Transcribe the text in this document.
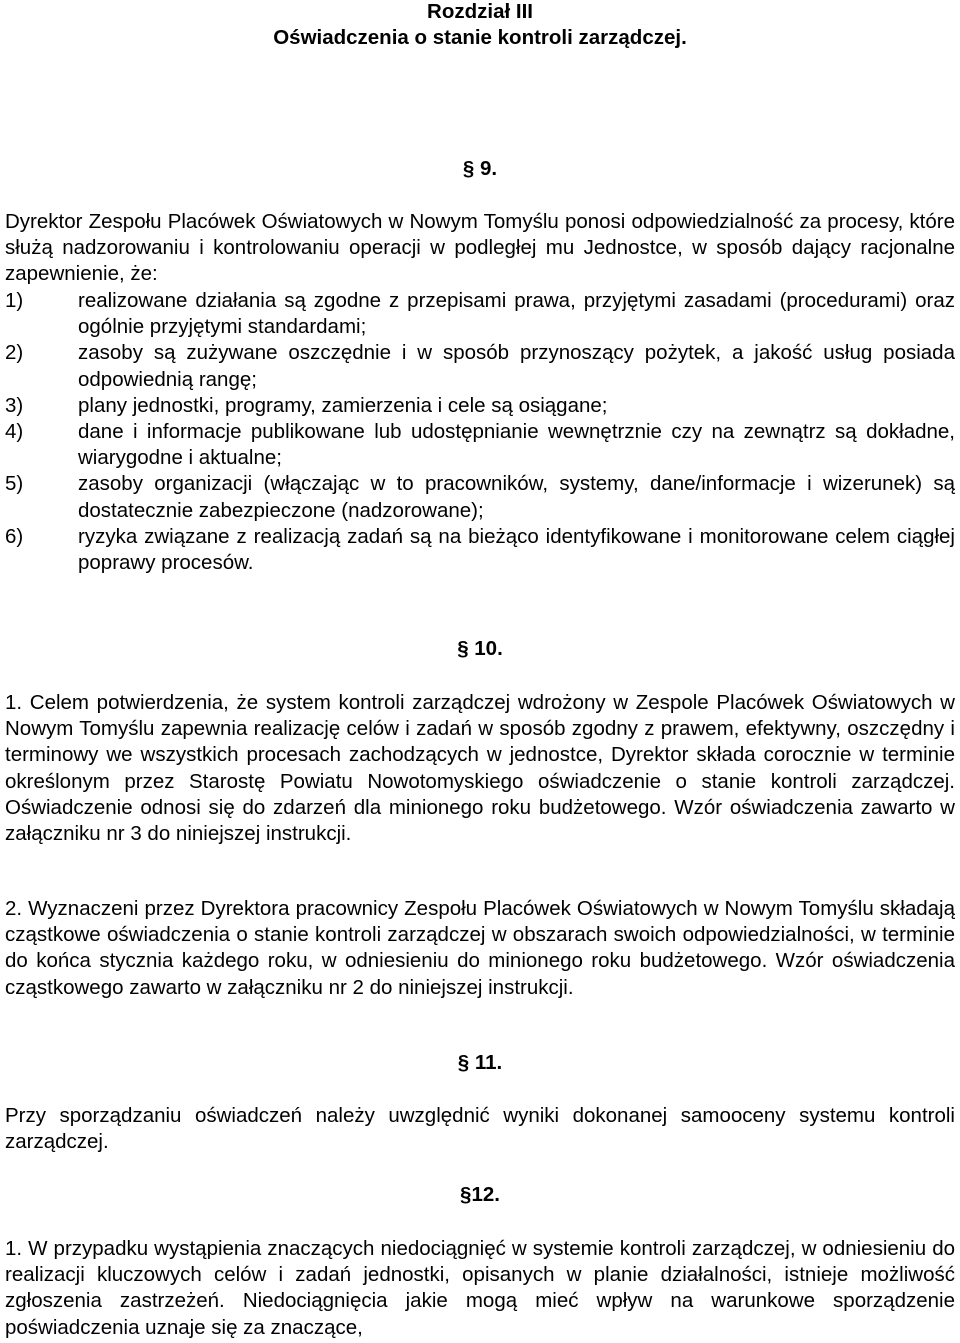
Rozdział III
Oświadczenia o stanie kontroli zarządczej.
§ 9.

Dyrektor Zespołu Placówek Oświatowych w Nowym Tomyślu ponosi odpowiedzialność za procesy, które służą nadzorowaniu i kontrolowaniu operacji w podległej mu Jednostce, w sposób dający racjonalne zapewnienie, że:

1)	realizowane działania są zgodne z przepisami prawa, przyjętymi zasadami (procedurami) oraz ogólnie przyjętymi standardami;
2)	zasoby są zużywane oszczędnie i w sposób przynoszący pożytek, a jakość usług posiada odpowiednią rangę;
3)	plany jednostki, programy, zamierzenia i cele są osiągane;
4)	dane i informacje publikowane lub udostępnianie wewnętrznie czy na zewnątrz są dokładne, wiarygodne i aktualne;
5)	zasoby organizacji (włączając w to pracowników, systemy, dane/informacje i wizerunek) są dostatecznie zabezpieczone (nadzorowane);
6)	ryzyka związane z realizacją zadań są na bieżąco identyfikowane i monitorowane celem ciągłej poprawy procesów.
§ 10.

1. Celem potwierdzenia, że system kontroli zarządczej wdrożony w Zespole Placówek Oświatowych w Nowym Tomyślu zapewnia realizację celów i zadań w sposób zgodny z prawem, efektywny, oszczędny i terminowy we wszystkich procesach zachodzących w jednostce, Dyrektor składa corocznie w terminie określonym przez Starostę Powiatu Nowotomyskiego oświadczenie o stanie kontroli zarządczej. Oświadczenie odnosi się do zdarzeń dla minionego roku budżetowego. Wzór oświadczenia zawarto w załączniku nr 3 do niniejszej instrukcji.

2. Wyznaczeni przez Dyrektora pracownicy Zespołu Placówek Oświatowych w Nowym Tomyślu składają cząstkowe oświadczenia o stanie kontroli zarządczej w obszarach swoich odpowiedzialności, w terminie do końca stycznia każdego roku, w odniesieniu do minionego roku budżetowego. Wzór oświadczenia cząstkowego zawarto w załączniku nr 2 do niniejszej instrukcji.

§ 11.

Przy sporządzaniu oświadczeń należy uwzględnić wyniki dokonanej samooceny systemu kontroli zarządczej.

§12.

1. W przypadku wystąpienia znaczących niedociągnięć w systemie kontroli zarządczej, w odniesieniu do realizacji kluczowych celów i zadań jednostki, opisanych w planie działalności, istnieje możliwość zgłoszenia zastrzeżeń. Niedociągnięcia jakie mogą mieć wpływ na warunkowe sporządzenie poświadczenia uznaje się za znaczące,
